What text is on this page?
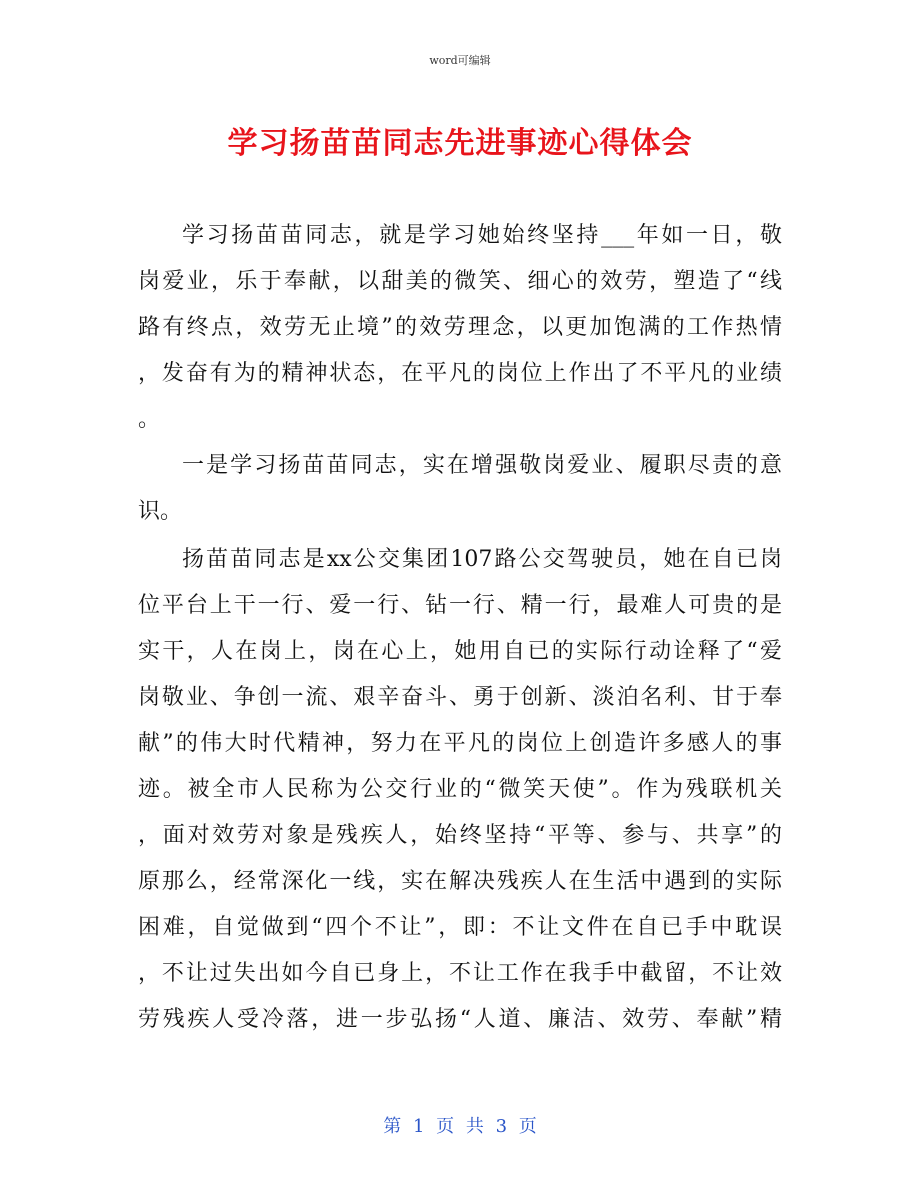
word可编辑
学习扬苗苗同志先进事迹心得体会
学习扬苗苗同志，就是学习她始终坚持___年如一日，敬
岗爱业，乐于奉献，以甜美的微笑、细心的效劳，塑造了“线
路有终点，效劳无止境”的效劳理念，以更加饱满的工作热情
，发奋有为的精神状态，在平凡的岗位上作出了不平凡的业绩
。
一是学习扬苗苗同志，实在增强敬岗爱业、履职尽责的意
识。
扬苗苗同志是xx公交集团107路公交驾驶员，她在自已岗
位平台上干一行、爱一行、钻一行、精一行，最难人可贵的是
实干，人在岗上，岗在心上，她用自已的实际行动诠释了“爱
岗敬业、争创一流、艰辛奋斗、勇于创新、淡泊名利、甘于奉
献”的伟大时代精神，努力在平凡的岗位上创造许多感人的事
迹。被全市人民称为公交行业的“微笑天使”。作为残联机关
，面对效劳对象是残疾人，始终坚持“平等、参与、共享”的
原那么，经常深化一线，实在解决残疾人在生活中遇到的实际
困难，自觉做到“四个不让”，即：不让文件在自已手中耽误
，不让过失出如今自已身上，不让工作在我手中截留，不让效
劳残疾人受冷落，进一步弘扬“人道、廉洁、效劳、奉献”精
第 1 页 共 3 页
